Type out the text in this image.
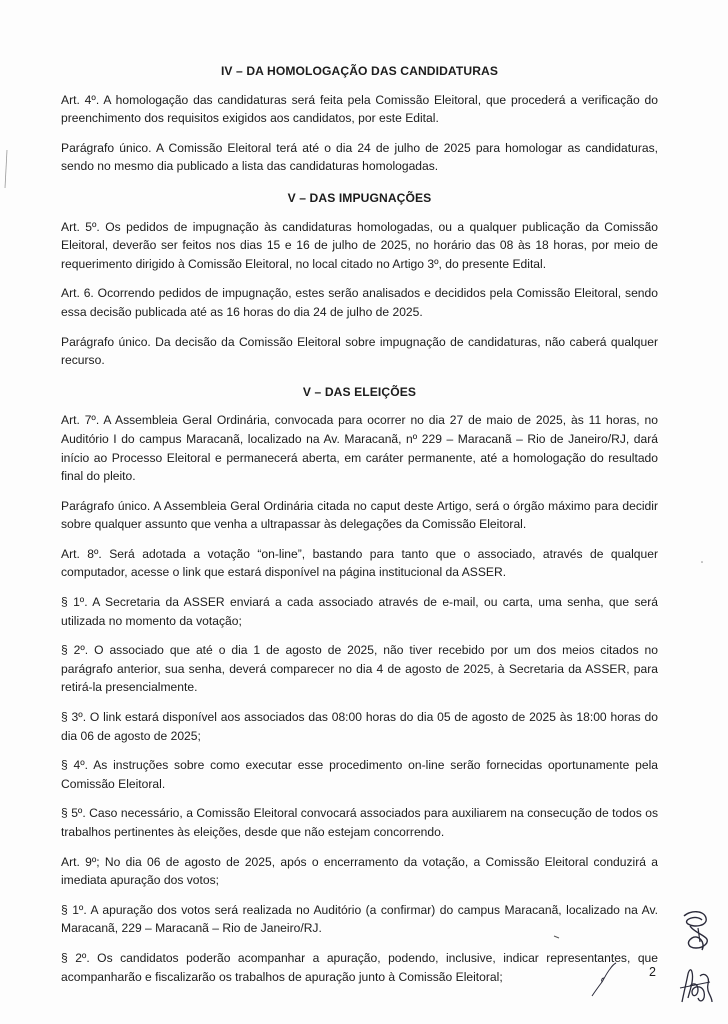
IV – DA HOMOLOGAÇÃO DAS CANDIDATURAS

Art. 4º. A homologação das candidaturas será feita pela Comissão Eleitoral, que procederá a verificação do preenchimento dos requisitos exigidos aos candidatos, por este Edital.

Parágrafo único. A Comissão Eleitoral terá até o dia 24 de julho de 2025 para homologar as candidaturas, sendo no mesmo dia publicado a lista das candidaturas homologadas.

V – DAS IMPUGNAÇÕES

Art. 5º. Os pedidos de impugnação às candidaturas homologadas, ou a qualquer publicação da Comissão Eleitoral, deverão ser feitos nos dias 15 e 16 de julho de 2025, no horário das 08 às 18 horas, por meio de requerimento dirigido à Comissão Eleitoral, no local citado no Artigo 3º, do presente Edital.

Art. 6. Ocorrendo pedidos de impugnação, estes serão analisados e decididos pela Comissão Eleitoral, sendo essa decisão publicada até as 16 horas do dia 24 de julho de 2025.

Parágrafo único. Da decisão da Comissão Eleitoral sobre impugnação de candidaturas, não caberá qualquer recurso.

V – DAS ELEIÇÕES

Art. 7º. A Assembleia Geral Ordinária, convocada para ocorrer no dia 27 de maio de 2025, às 11 horas, no Auditório I do campus Maracanã, localizado na Av. Maracanã, nº 229 – Maracanã – Rio de Janeiro/RJ, dará início ao Processo Eleitoral e permanecerá aberta, em caráter permanente, até a homologação do resultado final do pleito.

Parágrafo único. A Assembleia Geral Ordinária citada no caput deste Artigo, será o órgão máximo para decidir sobre qualquer assunto que venha a ultrapassar às delegações da Comissão Eleitoral.

Art. 8º. Será adotada a votação “on-line”, bastando para tanto que o associado, através de qualquer computador, acesse o link que estará disponível na página institucional da ASSER.

§ 1º. A Secretaria da ASSER enviará a cada associado através de e-mail, ou carta, uma senha, que será utilizada no momento da votação;

§ 2º. O associado que até o dia 1 de agosto de 2025, não tiver recebido por um dos meios citados no parágrafo anterior, sua senha, deverá comparecer no dia 4 de agosto de 2025, à Secretaria da ASSER, para retirá-la presencialmente.

§ 3º. O link estará disponível aos associados das 08:00 horas do dia 05 de agosto de 2025 às 18:00 horas do dia 06 de agosto de 2025;

§ 4º. As instruções sobre como executar esse procedimento on-line serão fornecidas oportunamente pela Comissão Eleitoral.

§ 5º. Caso necessário, a Comissão Eleitoral convocará associados para auxiliarem na consecução de todos os trabalhos pertinentes às eleições, desde que não estejam concorrendo.

Art. 9º; No dia 06 de agosto de 2025, após o encerramento da votação, a Comissão Eleitoral conduzirá a imediata apuração dos votos;

§ 1º. A apuração dos votos será realizada no Auditório (a confirmar) do campus Maracanã, localizado na Av. Maracanã, 229 – Maracanã – Rio de Janeiro/RJ.

§ 2º. Os candidatos poderão acompanhar a apuração, podendo, inclusive, indicar representantes, que acompanharão e fiscalizarão os trabalhos de apuração junto à Comissão Eleitoral;	2
